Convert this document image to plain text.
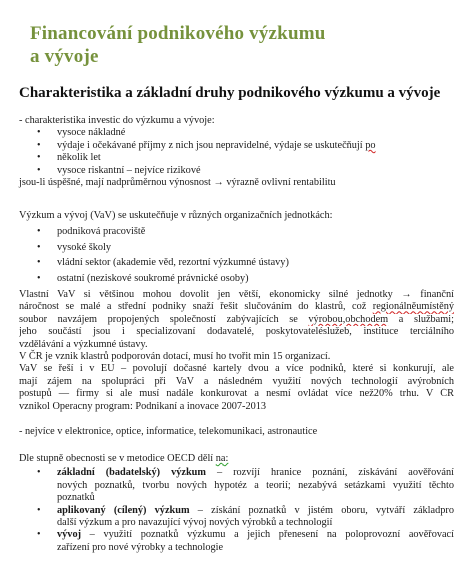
Financování podnikového výzkumu
a vývoje
Charakteristika a základní druhy podnikového výzkumu a vývoje
- charakteristika investic do výzkumu a vývoje:
• vysoce nákladné
• výdaje i očekávané příjmy z nich jsou nepravidelné, výdaje se uskutečňují po
• několik let
• vysoce riskantní – nejvíce rizikové
jsou-li úspěšné, mají nadprůměrnou výnosnost → výrazně ovlivní rentabilitu
Výzkum a vývoj (VaV) se uskutečňuje v různých organizačních jednotkách:
• podniková pracoviště
• vysoké školy
• vládní sektor (akademie věd, rezortní výzkumné ústavy)
• ostatní (neziskové soukromé právnické osoby)
Vlastní VaV si většinou mohou dovolit jen větší, ekonomicky silné jednotky → finanční
náročnost se malé a střední podniky snaží řešit slučováním do klastrů, což regionálněumístěný
soubor navzájem propojených společností zabývajících se výrobou,obchodem a službami;
jeho součástí jsou i specializovaní dodavatelé, poskytovateléslužeb, instituce terciálního
vzdělávání a výzkumné ústavy.
V ČR je vznik klastrů podporován dotací, musí ho tvořit min 15 organizací.
VaV se řeší i v EU – povolují dočasné kartely dvou a více podniků, které si konkurují, ale
mají zájem na spolupráci při VaV a následném využití nových technologií avýrobních
postupů — firmy si ale musí nadále konkurovat a nesmí ovládat více než20% trhu. V ČR
vznikol Operacny program: Podnikaní a inovace 2007-2013
- nejvíce v elektronice, optice, informatice, telekomunikaci, astronautice
Dle stupně obecnosti se v metodice OECD dělí na:
• základní (badatelský) výzkum – rozvíjí hranice poznání, získávání aověřování
nových poznatků, tvorbu nových hypotéz a teorií; nezabývá setázkami využití těchto
poznatků
• aplikovaný (cílený) výzkum – získání poznatků v jistém oboru, vytváří základpro
další výzkum a pro navazující vývoj nových výrobků a technologií
• vývoj – využití poznatků výzkumu a jejich přenesení na poloprovozní aověřovací
zařízení pro nové výrobky a technologie
